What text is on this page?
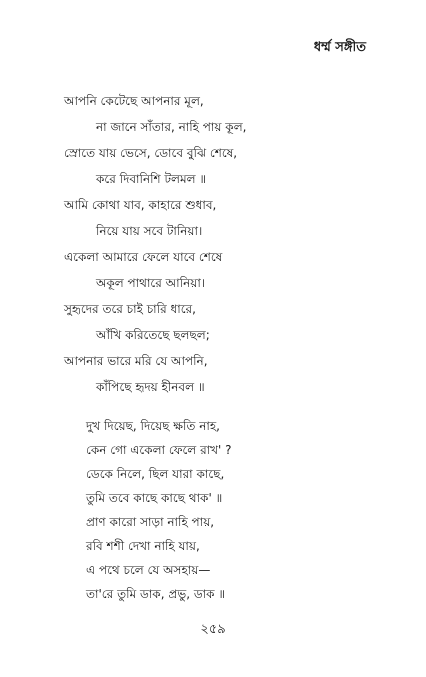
ধর্ম্ম সঙ্গীত
আপনি কেটেছে আপনার মূল,
না জানে সাঁতার, নাহি পায় কূল,
স্রোতে যায় ভেসে, ডোবে বুঝি শেষে,
করে দিবানিশি টলমল ॥
আমি কোথা যাব, কাহারে শুধাব,
নিয়ে যায় সবে টানিয়া।
একেলা আমারে ফেলে যাবে শেষে
অকূল পাথারে আনিয়া।
সুহৃদের তরে চাই চারি ধারে,
আঁখি করিতেছে ছলছল;
আপনার ভারে মরি যে আপনি,
কাঁপিছে হৃদয় হীনবল ॥
দুখ দিয়েছ, দিয়েছ ক্ষতি নাহ,
কেন গো একেলা ফেলে রাখ' ?
ডেকে নিলে, ছিল যারা কাছে,
তুমি তবে কাছে কাছে থাক' ॥
প্রাণ কারো সাড়া নাহি পায়,
রবি শশী দেখা নাহি যায়,
এ পথে চলে যে অসহায়—
তা'রে তুমি ডাক, প্রভু, ডাক ॥
২৫৯
